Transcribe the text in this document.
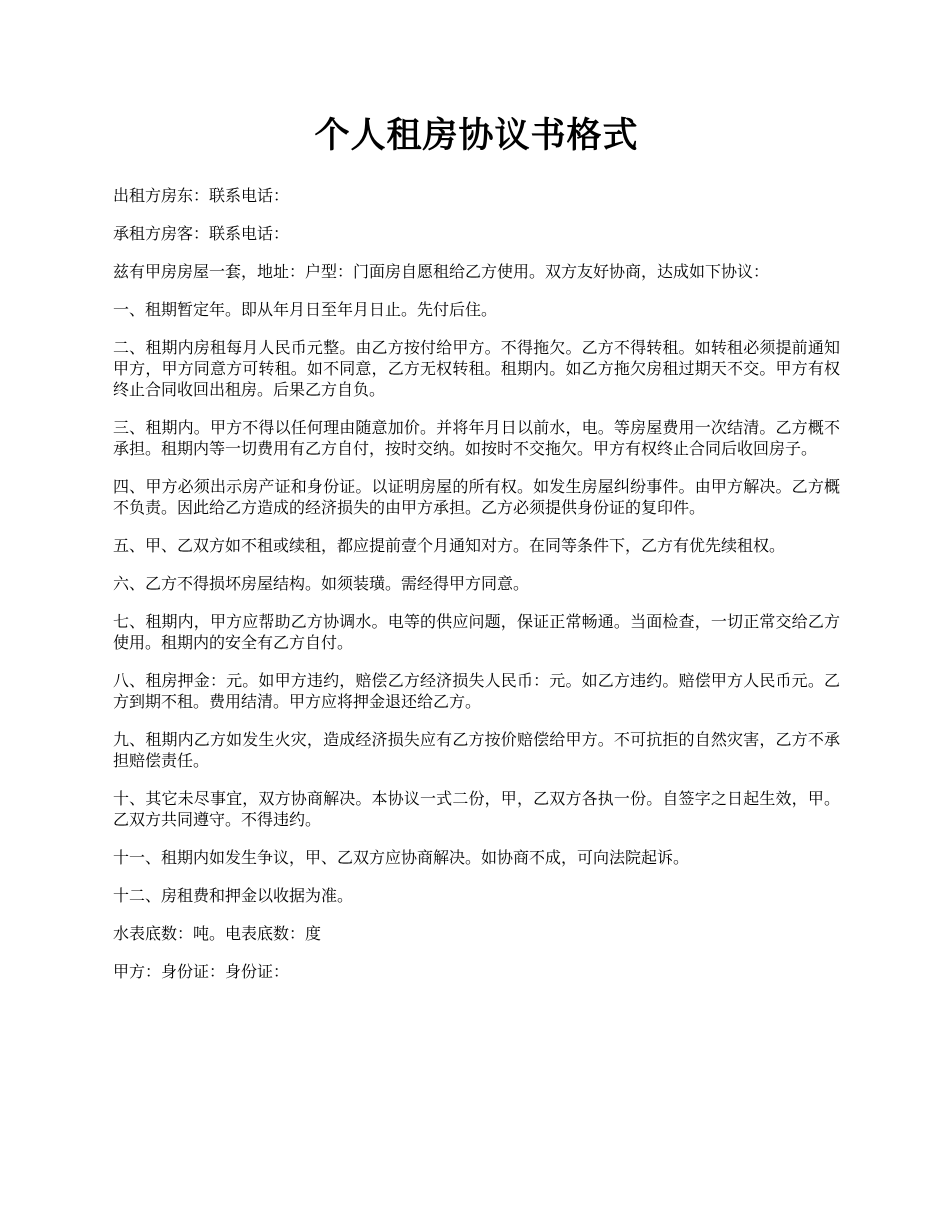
个人租房协议书格式

出租方房东：联系电话：

承租方房客：联系电话：

兹有甲房房屋一套，地址：户型：门面房自愿租给乙方使用。双方友好协商，达成如下协议：

一、租期暂定年。即从年月日至年月日止。先付后住。

二、租期内房租每月人民币元整。由乙方按付给甲方。不得拖欠。乙方不得转租。如转租必须提前通知甲方，甲方同意方可转租。如不同意，乙方无权转租。租期内。如乙方拖欠房租过期天不交。甲方有权终止合同收回出租房。后果乙方自负。

三、租期内。甲方不得以任何理由随意加价。并将年月日以前水，电。等房屋费用一次结清。乙方概不承担。租期内等一切费用有乙方自付，按时交纳。如按时不交拖欠。甲方有权终止合同后收回房子。

四、甲方必须出示房产证和身份证。以证明房屋的所有权。如发生房屋纠纷事件。由甲方解决。乙方概不负责。因此给乙方造成的经济损失的由甲方承担。乙方必须提供身份证的复印件。

五、甲、乙双方如不租或续租，都应提前壹个月通知对方。在同等条件下，乙方有优先续租权。

六、乙方不得损坏房屋结构。如须装璜。需经得甲方同意。

七、租期内，甲方应帮助乙方协调水。电等的供应问题，保证正常畅通。当面检查，一切正常交给乙方使用。租期内的安全有乙方自付。

八、租房押金：元。如甲方违约，赔偿乙方经济损失人民币：元。如乙方违约。赔偿甲方人民币元。乙方到期不租。费用结清。甲方应将押金退还给乙方。

九、租期内乙方如发生火灾，造成经济损失应有乙方按价赔偿给甲方。不可抗拒的自然灾害，乙方不承担赔偿责任。

十、其它未尽事宜，双方协商解决。本协议一式二份，甲，乙双方各执一份。自签字之日起生效，甲。乙双方共同遵守。不得违约。

十一、租期内如发生争议，甲、乙双方应协商解决。如协商不成，可向法院起诉。

十二、房租费和押金以收据为准。

水表底数：吨。电表底数：度

甲方：身份证：身份证：
